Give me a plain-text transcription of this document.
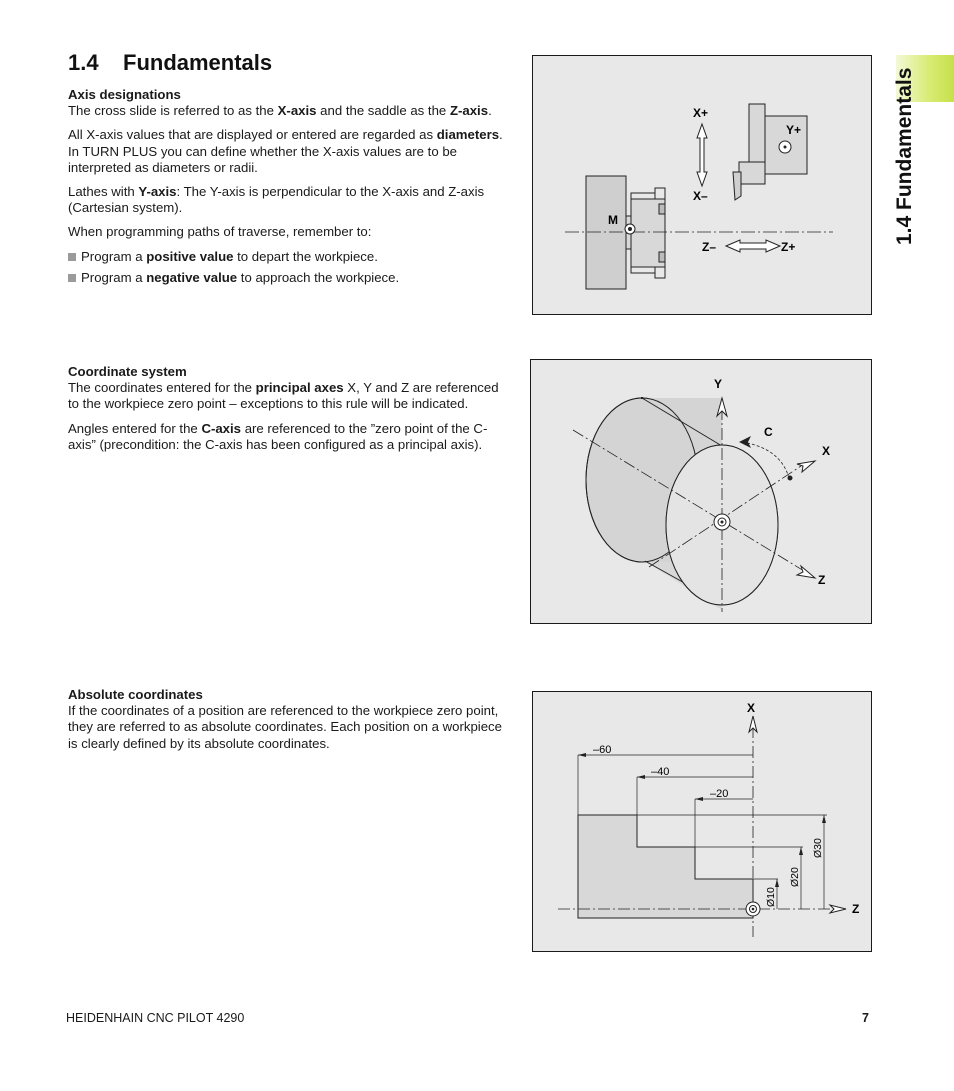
1.4 Fundamentals
1.4 Fundamentals
Axis designations

The cross slide is referred to as the X-axis and the saddle as the Z-axis.

All X-axis values that are displayed or entered are regarded as diameters. In TURN PLUS you can define whether the X-axis values are to be interpreted as diameters or radii.

Lathes with Y-axis: The Y-axis is perpendicular to the X-axis and Z-axis (Cartesian system).

When programming paths of traverse, remember to:

Program a positive value to depart the workpiece.
Program a negative value to approach the workpiece.
Coordinate system

The coordinates entered for the principal axes X, Y and Z are referenced to the workpiece zero point – exceptions to this rule will be indicated.

Angles entered for the C-axis are referenced to the ”zero point of the C-axis” (precondition: the C-axis has been configured as a principal axis).

Absolute coordinates

If the coordinates of a position are referenced to the workpiece zero point, they are referred to as absolute coordinates. Each position on a workpiece is clearly defined by its absolute coordinates.

X+
X–
Y+
M
Z–	Z+
Y
C
X
Z
X
Z
–60
–40
–20
Ø10
Ø20
Ø30
HEIDENHAIN CNC PILOT 4290	7
